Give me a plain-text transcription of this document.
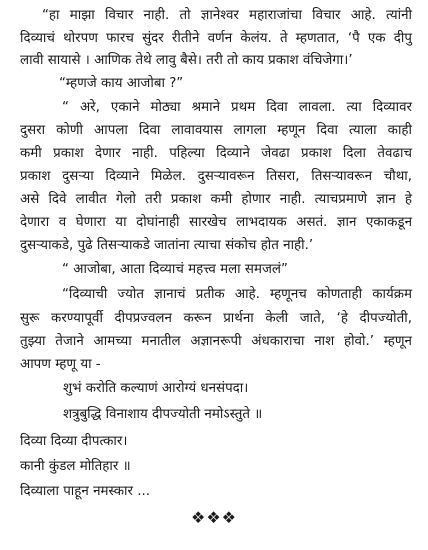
“हा माझा विचार नाही. तो ज्ञानेश्वर महाराजांचा विचार आहे. त्यांनी
दिव्याचं थोरपण फारच सुंदर रीतीने वर्णन केलंय. ते म्हणतात, ‘पै एक दीपु
लावी सायासे । आणिक तेथे लावु बैसे। तरी तो काय प्रकाश वंचिजेगा।’
“म्हणजे काय आजोबा ?”
“ अरे, एकाने मोठ्या श्रमाने प्रथम दिवा लावला. त्या दिव्यावर
दुसरा कोणी आपला दिवा लावावयास लागला म्हणून दिवा त्याला काही
कमी प्रकाश देणार नाही. पहिल्या दिव्याने जेवढा प्रकाश दिला तेवढाच
प्रकाश दुसऱ्या दिव्याने मिळेल. दुसऱ्यावरून तिसरा, तिसऱ्यावरून चौथा,
असे दिवे लावीत गेलो तरी प्रकाश कमी होणार नाही. त्याचप्रमाणे ज्ञान हे
देणारा व घेणारा या दोघांनाही सारखेच लाभदायक असतं. ज्ञान एकाकडून
दुसऱ्याकडे, पुढे तिसऱ्याकडे जातांना त्याचा संकोच होत नाही.’
“ आजोबा, आता दिव्याचं महत्त्व मला समजलं”
“दिव्याची ज्योत ज्ञानाचं प्रतीक आहे. म्हणूनच कोणताही कार्यक्रम
सुरू करण्यापूर्वी दीपप्रज्वलन करून प्रार्थना केली जाते, ‘हे दीपज्योती,
तुझ्या तेजाने आमच्या मनातील अज्ञानरूपी अंधकाराचा नाश होवो.’ म्हणून
आपण म्हणू या -
शुभं करोति कल्याणं आरोग्यं धनसंपदा।
शत्रुबुद्धि विनाशाय दीपज्योती नमोऽस्तुते ॥
दिव्या दिव्या दीपत्कार।
कानी कुंडल मोतिहार ॥
दिव्याला पाहून नमस्कार ...
❖❖❖
